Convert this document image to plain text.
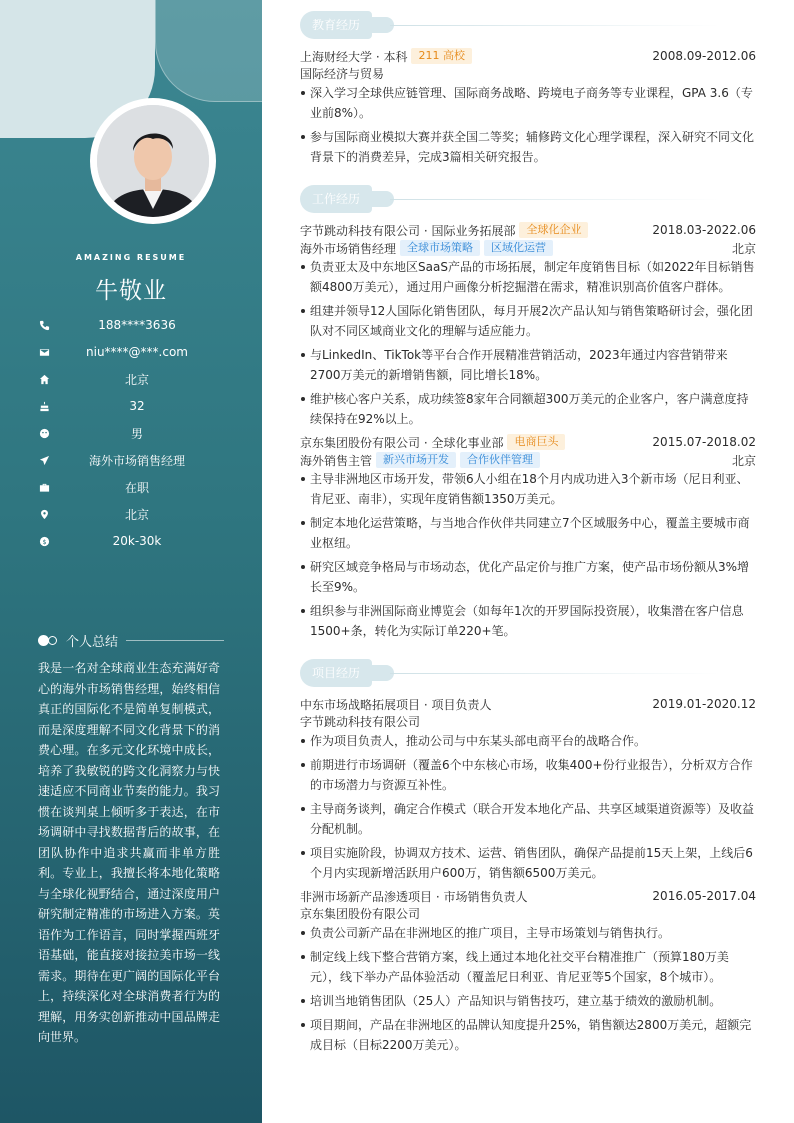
AMAZING RESUME
牛敬业
188****3636
niu****@***.com
北京
32
男
海外市场销售经理
在职
北京
$	20k-30k
个人总结
我是一名对全球商业生态充满好奇心的海外市场销售经理，始终相信真正的国际化不是简单复制模式，而是深度理解不同文化背景下的消费心理。在多元文化环境中成长，培养了我敏锐的跨文化洞察力与快速适应不同商业节奏的能力。我习惯在谈判桌上倾听多于表达，在市场调研中寻找数据背后的故事，在团队协作中追求共赢而非单方胜利。专业上，我擅长将本地化策略与全球化视野结合，通过深度用户研究制定精准的市场进入方案。英语作为工作语言，同时掌握西班牙语基础，能直接对接拉美市场一线需求。期待在更广阔的国际化平台上，持续深化对全球消费者行为的理解，用务实创新推动中国品牌走向世界。
教育经历
上海财经大学 · 本科	211 高校	2008.09-2012.06
国际经济与贸易
深入学习全球供应链管理、国际商务战略、跨境电子商务等专业课程，GPA 3.6（专业前8%）。
参与国际商业模拟大赛并获全国二等奖；辅修跨文化心理学课程，深入研究不同文化背景下的消费差异，完成3篇相关研究报告。
工作经历
字节跳动科技有限公司 · 国际业务拓展部	全球化企业	2018.03-2022.06
海外市场销售经理	全球市场策略	区域化运营	北京
负责亚太及中东地区SaaS产品的市场拓展，制定年度销售目标（如2022年目标销售额4800万美元），通过用户画像分析挖掘潜在需求，精准识别高价值客户群体。
组建并领导12人国际化销售团队，每月开展2次产品认知与销售策略研讨会，强化团队对不同区域商业文化的理解与适应能力。
与LinkedIn、TikTok等平台合作开展精准营销活动，2023年通过内容营销带来2700万美元的新增销售额，同比增长18%。
维护核心客户关系，成功续签8家年合同额超300万美元的企业客户，客户满意度持续保持在92%以上。
京东集团股份有限公司 · 全球化事业部	电商巨头	2015.07-2018.02
海外销售主管	新兴市场开发	合作伙伴管理	北京
主导非洲地区市场开发，带领6人小组在18个月内成功进入3个新市场（尼日利亚、肯尼亚、南非），实现年度销售额1350万美元。
制定本地化运营策略，与当地合作伙伴共同建立7个区域服务中心，覆盖主要城市商业枢纽。
研究区域竞争格局与市场动态，优化产品定价与推广方案，使产品市场份额从3%增长至9%。
组织参与非洲国际商业博览会（如每年1次的开罗国际投资展），收集潜在客户信息1500+条，转化为实际订单220+笔。
项目经历
中东市场战略拓展项目 · 项目负责人	2019.01-2020.12
字节跳动科技有限公司
作为项目负责人，推动公司与中东某头部电商平台的战略合作。
前期进行市场调研（覆盖6个中东核心市场，收集400+份行业报告），分析双方合作的市场潜力与资源互补性。
主导商务谈判，确定合作模式（联合开发本地化产品、共享区域渠道资源等）及收益分配机制。
项目实施阶段，协调双方技术、运营、销售团队，确保产品提前15天上架，上线后6个月内实现新增活跃用户600万，销售额6500万美元。
非洲市场新产品渗透项目 · 市场销售负责人	2016.05-2017.04
京东集团股份有限公司
负责公司新产品在非洲地区的推广项目，主导市场策划与销售执行。
制定线上线下整合营销方案，线上通过本地化社交平台精准推广（预算180万美元），线下举办产品体验活动（覆盖尼日利亚、肯尼亚等5个国家，8个城市）。
培训当地销售团队（25人）产品知识与销售技巧，建立基于绩效的激励机制。
项目期间，产品在非洲地区的品牌认知度提升25%，销售额达2800万美元，超额完成目标（目标2200万美元）。
